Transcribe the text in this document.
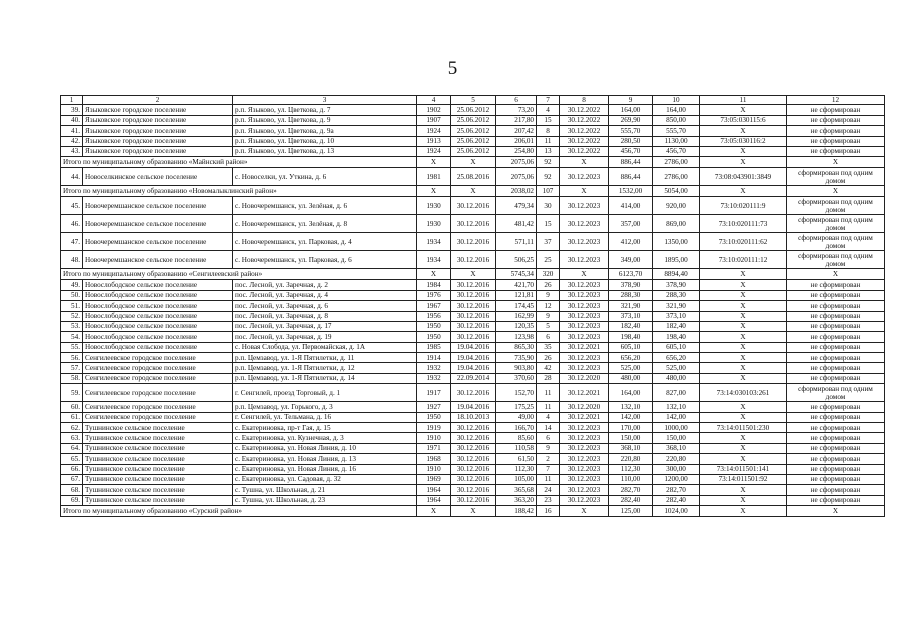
5
1	2	3	4	5	6	7	8	9	10	11	12
39.	Языковское городское поселение	р.п. Языково, ул. Цветкова, д. 7	1902	25.06.2012	73,20	4	30.12.2022	164,00	164,00	X	не сформирован
40.	Языковское городское поселение	р.п. Языково, ул. Цветкова, д. 9	1907	25.06.2012	217,80	15	30.12.2022	269,90	850,00	73:05:030115:6	не сформирован
41.	Языковское городское поселение	р.п. Языково, ул. Цветкова, д. 9а	1924	25.06.2012	207,42	8	30.12.2022	555,70	555,70	X	не сформирован
42.	Языковское городское поселение	р.п. Языково, ул. Цветкова, д. 10	1913	25.06.2012	206,01	11	30.12.2022	280,50	1130,00	73:05:030116:2	не сформирован
43.	Языковское городское поселение	р.п. Языково, ул. Цветкова, д. 13	1924	25.06.2012	254,80	13	30.12.2022	456,70	456,70	X	не сформирован
Итого по муниципальному образованию «Майнский район»			X	X	2075,06	92	X	886,44	2786,00	X	X
44.	Новоселкинское сельское поселение	с. Новоселки, ул. Уткина, д. 6	1981	25.08.2016	2075,06	92	30.12.2023	886,44	2786,00	73:08:043901:3849	сформирован под одним домом
Итого по муниципальному образованию «Новомалыклинский район»			X	X	2038,02	107	X	1532,00	5054,00	X	X
45.	Новочеремшанское сельское поселение	с. Новочеремшанск, ул. Зелёная, д. 6	1930	30.12.2016	479,34	30	30.12.2023	414,00	920,00	73:10:020111:9	сформирован под одним домом
46.	Новочеремшанское сельское поселение	с. Новочеремшанск, ул. Зелёная, д. 8	1930	30.12.2016	481,42	15	30.12.2023	357,00	869,00	73:10:020111:73	сформирован под одним домом
47.	Новочеремшанское сельское поселение	с. Новочеремшанск, ул. Парковая, д. 4	1934	30.12.2016	571,11	37	30.12.2023	412,00	1350,00	73:10:020111:62	сформирован под одним домом
48.	Новочеремшанское сельское поселение	с. Новочеремшанск, ул. Парковая, д. 6	1934	30.12.2016	506,25	25	30.12.2023	349,00	1895,00	73:10:020111:12	сформирован под одним домом
Итого по муниципальному образованию «Сенгилеевский район»			X	X	5745,34	320	X	6123,70	8894,40	X	X
49.	Новослободское сельское поселение	пос. Лесной, ул. Заречная, д. 2	1984	30.12.2016	421,70	26	30.12.2023	378,90	378,90	X	не сформирован
50.	Новослободское сельское поселение	пос. Лесной, ул. Заречная, д. 4	1976	30.12.2016	121,81	9	30.12.2023	288,30	288,30	X	не сформирован
51.	Новослободское сельское поселение	пос. Лесной, ул. Заречная, д. 6	1967	30.12.2016	174,45	12	30.12.2023	321,90	321,90	X	не сформирован
52.	Новослободское сельское поселение	пос. Лесной, ул. Заречная, д. 8	1956	30.12.2016	162,99	9	30.12.2023	373,10	373,10	X	не сформирован
53.	Новослободское сельское поселение	пос. Лесной, ул. Заречная, д. 17	1950	30.12.2016	120,35	5	30.12.2023	182,40	182,40	X	не сформирован
54.	Новослободское сельское поселение	пос. Лесной, ул. Заречная, д. 19	1950	30.12.2016	123,98	6	30.12.2023	198,40	198,40	X	не сформирован
55.	Новослободское сельское поселение	с. Новая Слобода, ул. Первомайская, д. 1А	1985	19.04.2016	865,30	35	30.12.2021	605,10	605,10	X	не сформирован
56.	Сенгилеевское городское поселение	р.п. Цемзавод, ул. 1-Я Пятилетки, д. 11	1914	19.04.2016	735,90	26	30.12.2023	656,20	656,20	X	не сформирован
57.	Сенгилеевское городское поселение	р.п. Цемзавод, ул. 1-Я Пятилетки, д. 12	1932	19.04.2016	903,80	42	30.12.2023	525,00	525,00	X	не сформирован
58.	Сенгилеевское городское поселение	р.п. Цемзавод, ул. 1-Я Пятилетки, д. 14	1932	22.09.2014	370,60	28	30.12.2020	480,00	480,00	X	не сформирован
59.	Сенгилеевское городское поселение	г. Сенгилей, проезд Торговый, д. 1	1917	30.12.2016	152,70	11	30.12.2021	164,00	827,00	73:14:030103:261	сформирован под одним домом
60.	Сенгилеевское городское поселение	р.п. Цемзавод, ул. Горького, д. 3	1927	19.04.2016	175,25	11	30.12.2020	132,10	132,10	X	не сформирован
61.	Сенгилеевское городское поселение	г. Сенгилей, ул. Тельмана, д. 16	1950	18.10.2013	49,00	4	30.12.2021	142,00	142,00	X	не сформирован
62.	Тушнинское сельское поселение	с. Екатериновка, пр-т Гая, д. 15	1919	30.12.2016	166,70	14	30.12.2023	170,00	1000,00	73:14:011501:230	не сформирован
63.	Тушнинское сельское поселение	с. Екатериновка, ул. Кузнечная, д. 3	1910	30.12.2016	85,60	6	30.12.2023	150,00	150,00	X	не сформирован
64.	Тушнинское сельское поселение	с. Екатериновка, ул. Новая Линия, д. 10	1971	30.12.2016	110,58	9	30.12.2023	368,10	368,10	X	не сформирован
65.	Тушнинское сельское поселение	с. Екатериновка, ул. Новая Линия, д. 13	1968	30.12.2016	61,50	2	30.12.2023	220,80	220,80	X	не сформирован
66.	Тушнинское сельское поселение	с. Екатериновка, ул. Новая Линия, д. 16	1910	30.12.2016	112,30	7	30.12.2023	112,30	300,00	73:14:011501:141	не сформирован
67.	Тушнинское сельское поселение	с. Екатериновка, ул. Садовая, д. 32	1969	30.12.2016	105,00	11	30.12.2023	110,00	1200,00	73:14:011501:92	не сформирован
68.	Тушнинское сельское поселение	с. Тушна, ул. Школьная, д. 21	1964	30.12.2016	365,68	24	30.12.2023	282,70	282,70	X	не сформирован
69.	Тушнинское сельское поселение	с. Тушна, ул. Школьная, д. 23	1964	30.12.2016	363,20	23	30.12.2023	282,40	282,40	X	не сформирован
Итого по муниципальному образованию «Сурский район»			X	X	188,42	16	X	125,00	1024,00	X	X
